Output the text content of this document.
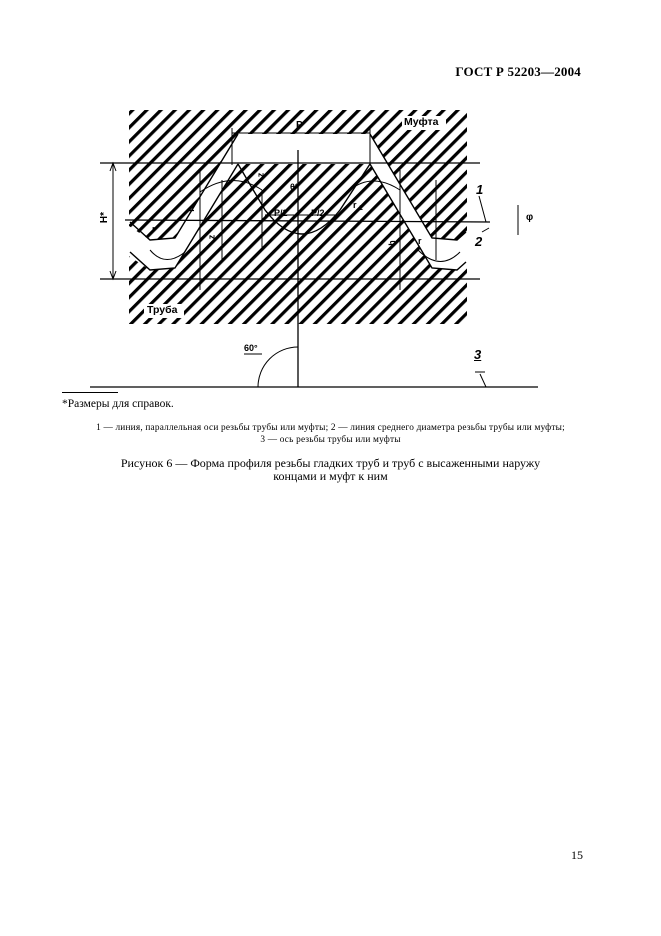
ГОСТ Р 52203—2004
Муфта
Труба
P
H*	P/2	P/2
θ*
60°
φ
1
2
3
h
h
z
z
r
r
r
1
*Размеры для справок.
1 — линия, параллельная оси резьбы трубы или муфты; 2 — линия среднего диаметра резьбы трубы или муфты;
3 — ось резьбы трубы или муфты
Рисунок 6 — Форма профиля резьбы гладких труб и труб с высаженными наружу
концами и муфт к ним
15
